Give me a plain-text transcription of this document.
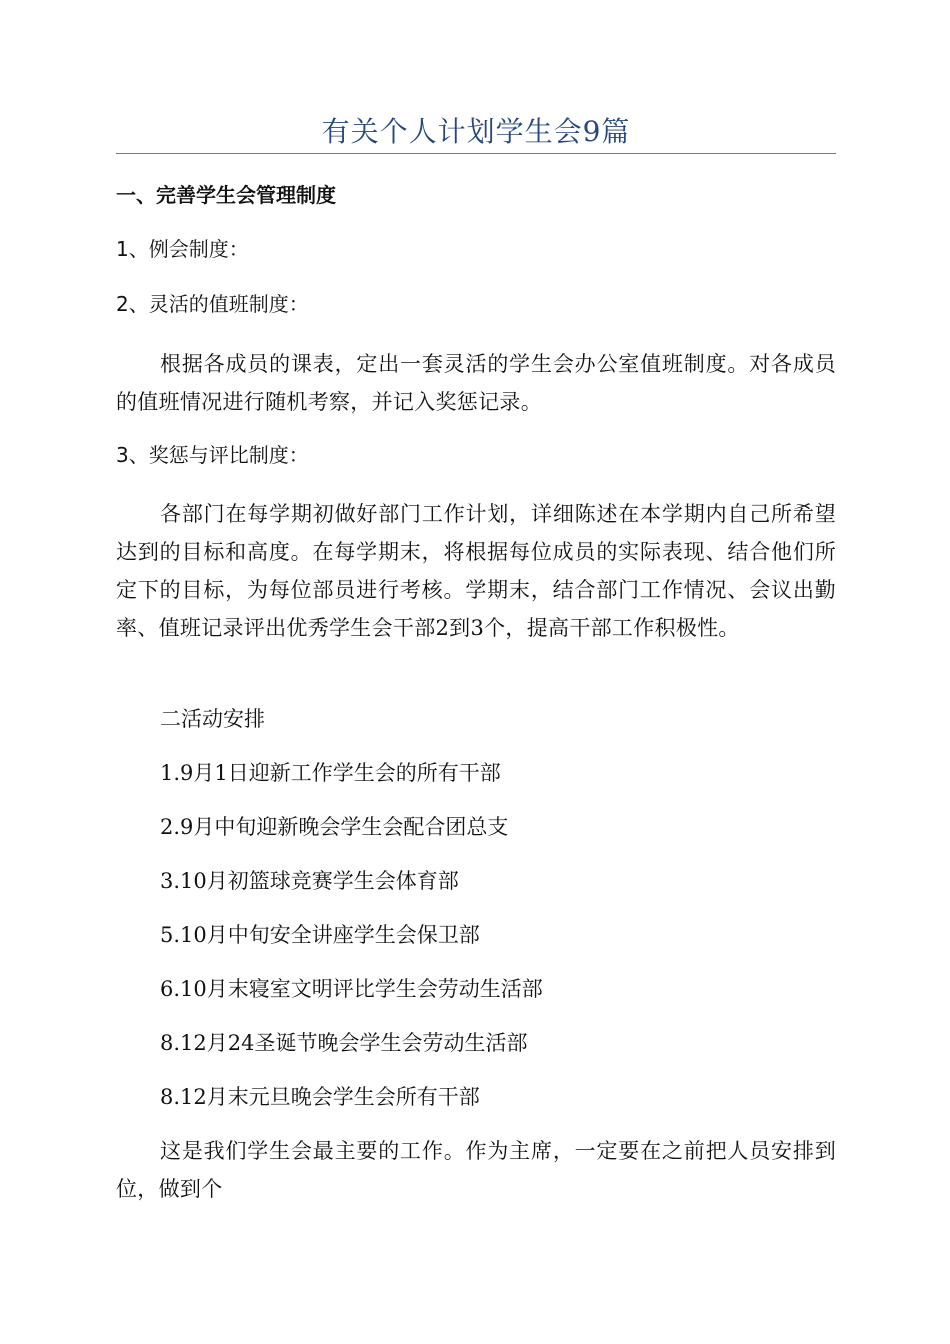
有关个人计划学生会9篇
一、完善学生会管理制度
1、例会制度：
2、灵活的值班制度：
根据各成员的课表，定出一套灵活的学生会办公室值班制度。对各成员的值班情况进行随机考察，并记入奖惩记录。
3、奖惩与评比制度：
各部门在每学期初做好部门工作计划，详细陈述在本学期内自己所希望达到的目标和高度。在每学期末，将根据每位成员的实际表现、结合他们所定下的目标，为每位部员进行考核。学期末，结合部门工作情况、会议出勤率、值班记录评出优秀学生会干部2到3个，提高干部工作积极性。
二活动安排
1.9月1日迎新工作学生会的所有干部
2.9月中旬迎新晚会学生会配合团总支
3.10月初篮球竞赛学生会体育部
5.10月中旬安全讲座学生会保卫部
6.10月末寝室文明评比学生会劳动生活部
8.12月24圣诞节晚会学生会劳动生活部
8.12月末元旦晚会学生会所有干部
这是我们学生会最主要的工作。作为主席，一定要在之前把人员安排到位，做到个
